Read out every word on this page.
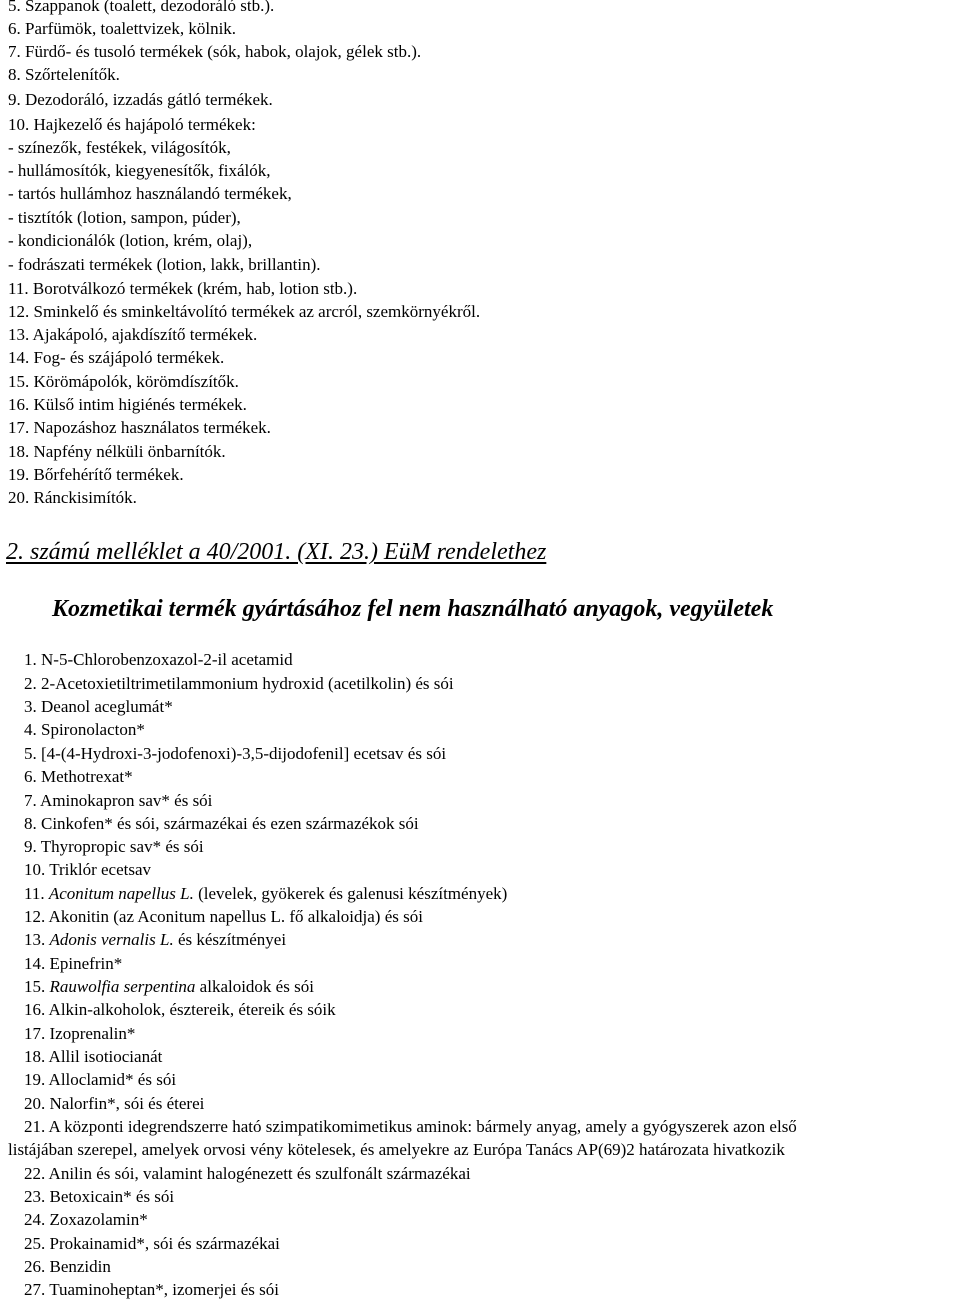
5. Szappanok (toalett, dezodoráló stb.).
6. Parfümök, toalettvizek, kölnik.
7. Fürdő- és tusoló termékek (sók, habok, olajok, gélek stb.).
8. Szőrtelenítők.
9. Dezodoráló, izzadás gátló termékek.
10. Hajkezelő és hajápoló termékek:
- színezők, festékek, világosítók,
- hullámosítók, kiegyenesítők, fixálók,
- tartós hullámhoz használandó termékek,
- tisztítók (lotion, sampon, púder),
- kondicionálók (lotion, krém, olaj),
- fodrászati termékek (lotion, lakk, brillantin).
11. Borotválkozó termékek (krém, hab, lotion stb.).
12. Sminkelő és sminkeltávolító termékek az arcról, szemkörnyékről.
13. Ajakápoló, ajakdíszítő termékek.
14. Fog- és szájápoló termékek.
15. Körömápolók, körömdíszítők.
16. Külső intim higiénés termékek.
17. Napozáshoz használatos termékek.
18. Napfény nélküli önbarnítók.
19. Bőrfehérítő termékek.
20. Ránckisimítók.
2. számú melléklet a 40/2001. (XI. 23.) EüM rendelethez
Kozmetikai termék gyártásához fel nem használható anyagok, vegyületek
1. N-5-Chlorobenzoxazol-2-il acetamid
2. 2-Acetoxietiltrimetilammonium hydroxid (acetilkolin) és sói
3. Deanol aceglumát*
4. Spironolacton*
5. [4-(4-Hydroxi-3-jodofenoxi)-3,5-dijodofenil] ecetsav és sói
6. Methotrexat*
7. Aminokapron sav* és sói
8. Cinkofen* és sói, származékai és ezen származékok sói
9. Thyropropic sav* és sói
10. Triklór ecetsav
11. Aconitum napellus L. (levelek, gyökerek és galenusi készítmények)
12. Akonitin (az Aconitum napellus L. fő alkaloidja) és sói
13. Adonis vernalis L. és készítményei
14. Epinefrin*
15. Rauwolfia serpentina alkaloidok és sói
16. Alkin-alkoholok, észtereik, étereik és sóik
17. Izoprenalin*
18. Allil isotiocianát
19. Alloclamid* és sói
20. Nalorfin*, sói és éterei
21. A központi idegrendszerre ható szimpatikomimetikus aminok: bármely anyag, amely a gyógyszerek azon első
listájában szerepel, amelyek orvosi vény kötelesek, és amelyekre az Európa Tanács AP(69)2 határozata hivatkozik
22. Anilin és sói, valamint halogénezett és szulfonált származékai
23. Betoxicain* és sói
24. Zoxazolamin*
25. Prokainamid*, sói és származékai
26. Benzidin
27. Tuaminoheptan*, izomerjei és sói
